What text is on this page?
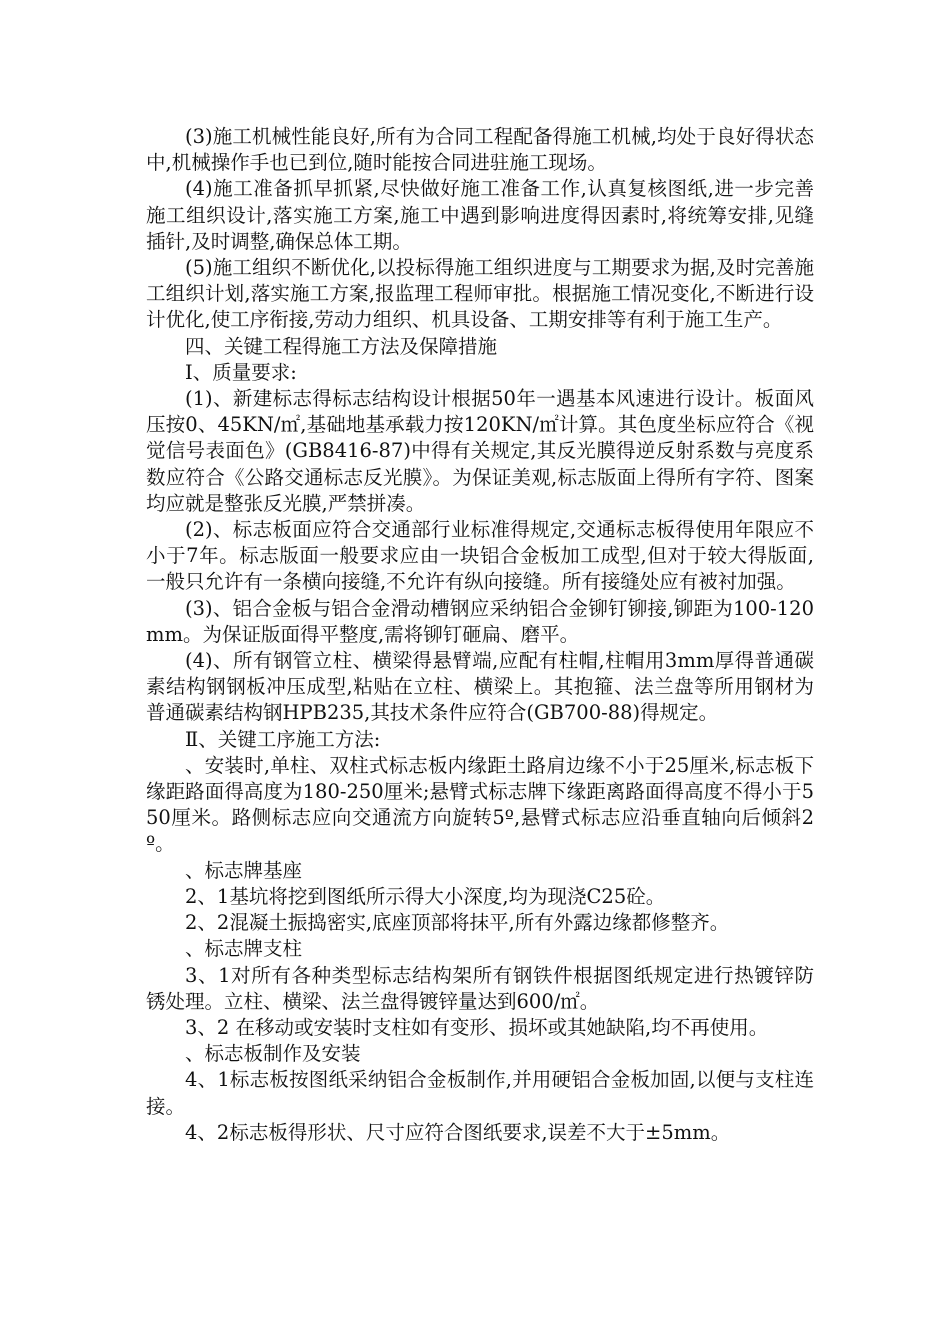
(3)施工机械性能良好,所有为合同工程配备得施工机械,均处于良好得状态中,机械操作手也已到位,随时能按合同进驻施工现场。

(4)施工准备抓早抓紧,尽快做好施工准备工作,认真复核图纸,进一步完善施工组织设计,落实施工方案,施工中遇到影响进度得因素时,将统筹安排,见缝插针,及时调整,确保总体工期。

(5)施工组织不断优化,以投标得施工组织进度与工期要求为据,及时完善施工组织计划,落实施工方案,报监理工程师审批。根据施工情况变化,不断进行设计优化,使工序衔接,劳动力组织、机具设备、工期安排等有利于施工生产。

四、关键工程得施工方法及保障措施

Ⅰ、质量要求:

(1)、新建标志得标志结构设计根据50年一遇基本风速进行设计。板面风压按0、45KN/㎡,基础地基承载力按120KN/㎡计算。其色度坐标应符合《视觉信号表面色》(GB8416-87)中得有关规定,其反光膜得逆反射系数与亮度系数应符合《公路交通标志反光膜》。为保证美观,标志版面上得所有字符、图案均应就是整张反光膜,严禁拼凑。

(2)、标志板面应符合交通部行业标准得规定,交通标志板得使用年限应不小于7年。标志版面一般要求应由一块铝合金板加工成型,但对于较大得版面,一般只允许有一条横向接缝,不允许有纵向接缝。所有接缝处应有被衬加强。

(3)、铝合金板与铝合金滑动槽钢应采纳铝合金铆钉铆接,铆距为100-120mm。为保证版面得平整度,需将铆钉砸扁、磨平。

(4)、所有钢管立柱、横梁得悬臂端,应配有柱帽,柱帽用3mm厚得普通碳素结构钢钢板冲压成型,粘贴在立柱、横梁上。其抱箍、法兰盘等所用钢材为普通碳素结构钢HPB235,其技术条件应符合(GB700-88)得规定。

Ⅱ、关键工序施工方法:

、安装时,单柱、双柱式标志板内缘距土路肩边缘不小于25厘米,标志板下缘距路面得高度为180-250厘米;悬臂式标志牌下缘距离路面得高度不得小于550厘米。路侧标志应向交通流方向旋转5º,悬臂式标志应沿垂直轴向后倾斜2º。

、标志牌基座

2、1基坑将挖到图纸所示得大小深度,均为现浇C25砼。

2、2混凝土振捣密实,底座顶部将抹平,所有外露边缘都修整齐。

、标志牌支柱

3、1对所有各种类型标志结构架所有钢铁件根据图纸规定进行热镀锌防锈处理。立柱、横梁、法兰盘得镀锌量达到600/㎡。

3、2 在移动或安装时支柱如有变形、损坏或其她缺陷,均不再使用。

、标志板制作及安装

4、1标志板按图纸采纳铝合金板制作,并用硬铝合金板加固,以便与支柱连接。

4、2标志板得形状、尺寸应符合图纸要求,误差不大于±5mm。
